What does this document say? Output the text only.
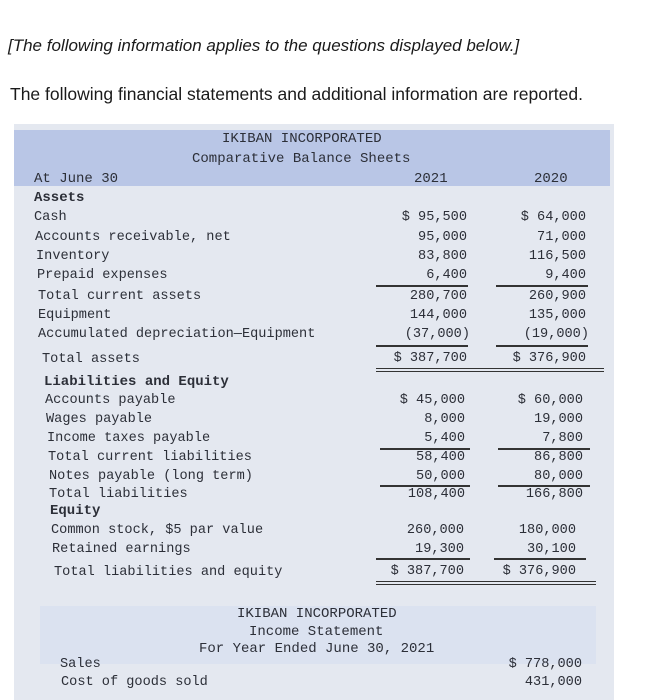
[The following information applies to the questions displayed below.]
The following financial statements and additional information are reported.
IKIBAN INCORPORATED
Comparative Balance Sheets
At June 30	2021	2020
Assets
Cash	$ 95,500	$ 64,000
Accounts receivable, net	95,000	71,000
Inventory	83,800	116,500
Prepaid expenses	6,400	9,400
Total current assets	280,700	260,900
Equipment	144,000	135,000
Accumulated depreciation—Equipment	(37,000)	(19,000)
Total assets	$ 387,700	$ 376,900
Liabilities and Equity
Accounts payable	$ 45,000	$ 60,000
Wages payable	8,000	19,000
Income taxes payable	5,400	7,800
Total current liabilities	58,400	86,800
Notes payable (long term)	50,000	80,000
Total liabilities	108,400	166,800
Equity
Common stock, $5 par value	260,000	180,000
Retained earnings	19,300	30,100
Total liabilities and equity	$ 387,700	$ 376,900
IKIBAN INCORPORATED
Income Statement
For Year Ended June 30, 2021
Sales	$ 778,000
Cost of goods sold	431,000
